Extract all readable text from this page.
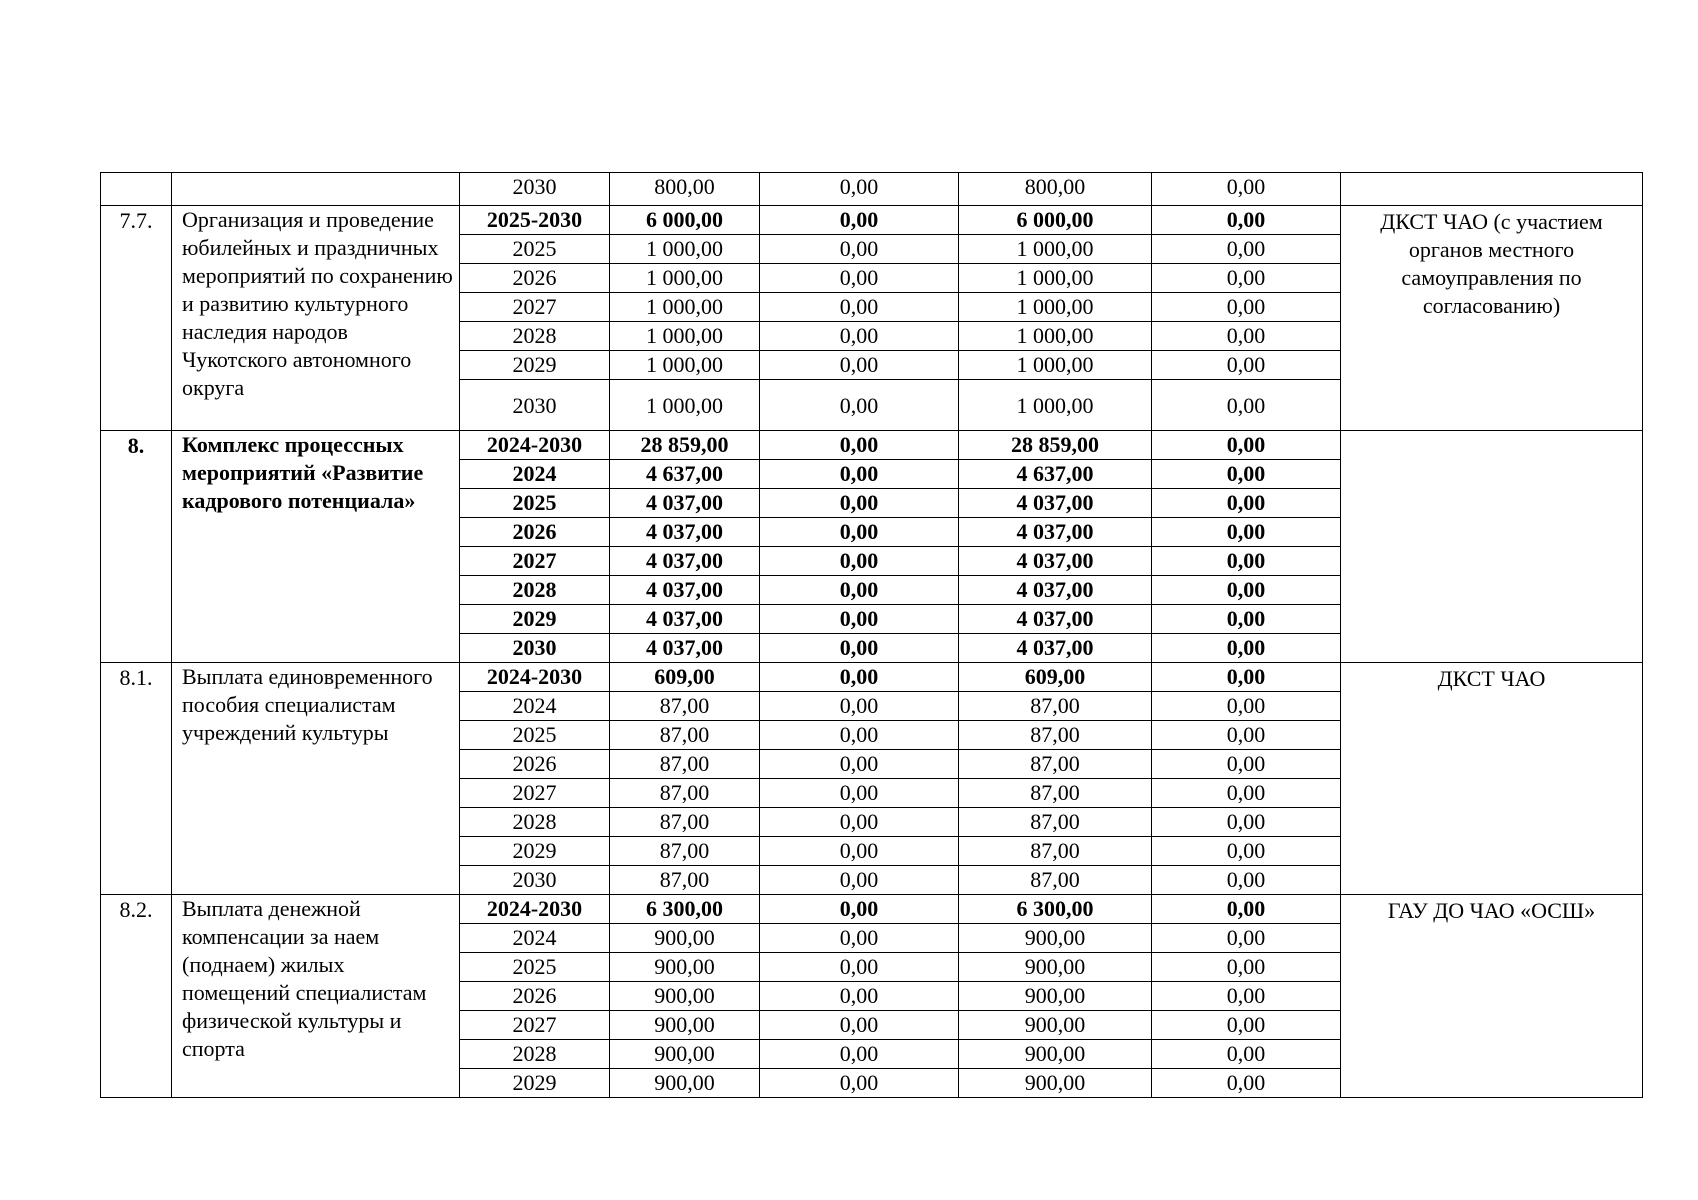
		2030	800,00	0,00	800,00	0,00	
7.7.	Организация и проведение юбилейных и праздничных мероприятий по сохранению и развитию культурного наследия народов Чукотского автономного округа	2025-2030	6 000,00	0,00	6 000,00	0,00	ДКСТ ЧАО (с участием органов местного самоуправления по согласованию)
		2025	1 000,00	0,00	1 000,00	0,00	
		2026	1 000,00	0,00	1 000,00	0,00	
		2027	1 000,00	0,00	1 000,00	0,00	
		2028	1 000,00	0,00	1 000,00	0,00	
		2029	1 000,00	0,00	1 000,00	0,00	
		2030	1 000,00	0,00	1 000,00	0,00	
8.	Комплекс процессных мероприятий «Развитие кадрового потенциала»	2024-2030	28 859,00	0,00	28 859,00	0,00	
		2024	4 637,00	0,00	4 637,00	0,00	
		2025	4 037,00	0,00	4 037,00	0,00	
		2026	4 037,00	0,00	4 037,00	0,00	
		2027	4 037,00	0,00	4 037,00	0,00	
		2028	4 037,00	0,00	4 037,00	0,00	
		2029	4 037,00	0,00	4 037,00	0,00	
		2030	4 037,00	0,00	4 037,00	0,00	
8.1.	Выплата единовременного пособия специалистам учреждений культуры	2024-2030	609,00	0,00	609,00	0,00	ДКСТ ЧАО
		2024	87,00	0,00	87,00	0,00	
		2025	87,00	0,00	87,00	0,00	
		2026	87,00	0,00	87,00	0,00	
		2027	87,00	0,00	87,00	0,00	
		2028	87,00	0,00	87,00	0,00	
		2029	87,00	0,00	87,00	0,00	
		2030	87,00	0,00	87,00	0,00	
8.2.	Выплата денежной компенсации за наем (поднаем) жилых помещений специалистам физической культуры и спорта	2024-2030	6 300,00	0,00	6 300,00	0,00	ГАУ ДО ЧАО «ОСШ»
		2024	900,00	0,00	900,00	0,00	
		2025	900,00	0,00	900,00	0,00	
		2026	900,00	0,00	900,00	0,00	
		2027	900,00	0,00	900,00	0,00	
		2028	900,00	0,00	900,00	0,00	
		2029	900,00	0,00	900,00	0,00	
